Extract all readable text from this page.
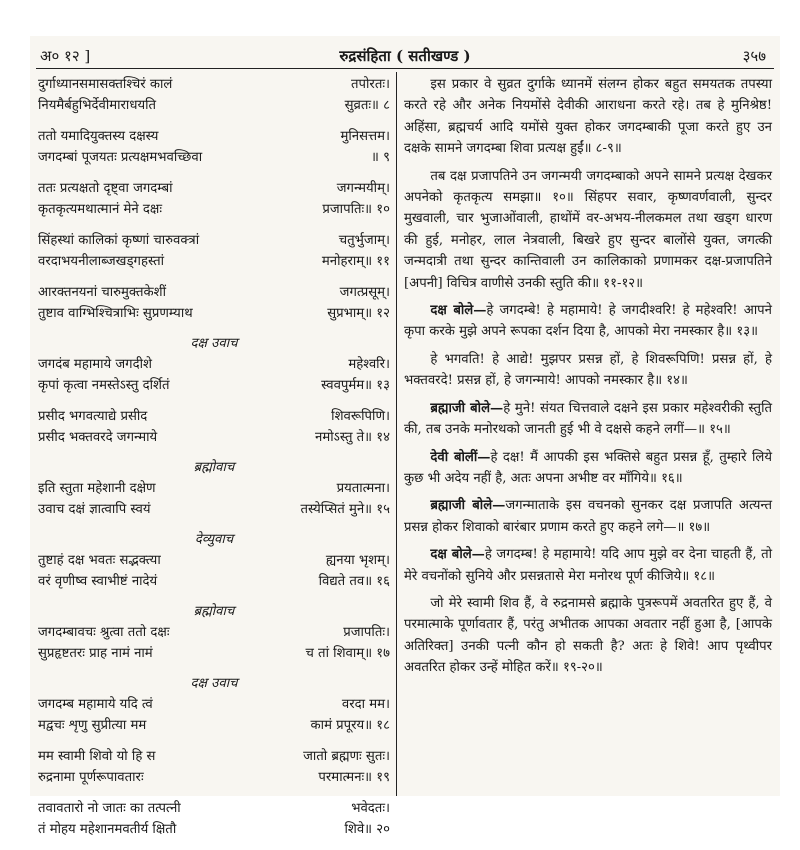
अ० १२ ]	रुद्रसंहिता ( सतीखण्ड )	३५७
दुर्गाध्यानसमासक्तश्चिरं कालं	तपोरतः।
नियमैर्बहुभिर्देवीमाराधयति	सुव्रतः॥ ८
ततो यमादियुक्तस्य दक्षस्य	मुनिसत्तम।
जगदम्बां पूजयतः प्रत्यक्षमभवच्छिवा	॥ ९
ततः प्रत्यक्षतो दृष्ट्वा जगदम्बां	जगन्मयीम्।
कृतकृत्यमथात्मानं मेने दक्षः	प्रजापतिः॥ १०
सिंहस्थां कालिकां कृष्णां चारुवक्त्रां	चतुर्भुजाम्।
वरदाभयनीलाब्जखड्गहस्तां	मनोहराम्॥ ११
आरक्तनयनां चारुमुक्तकेशीं	जगत्प्रसूम्।
तुष्टाव वाग्भिश्चित्राभिः सुप्रणम्याथ	सुप्रभाम्॥ १२
दक्ष उवाच
जगदंब महामाये जगदीशे	महेश्वरि।
कृपां कृत्वा नमस्तेऽस्तु दर्शितं	स्ववपुर्मम॥ १३
प्रसीद भगवत्याद्ये प्रसीद	शिवरूपिणि।
प्रसीद भक्तवरदे जगन्माये	नमोऽस्तु ते॥ १४
ब्रह्मोवाच
इति स्तुता महेशानी दक्षेण	प्रयतात्मना।
उवाच दक्षं ज्ञात्वापि स्वयं	तस्येप्सितं मुने॥ १५
देव्युवाच
तुष्टाहं दक्ष भवतः सद्भक्त्या	ह्यनया भृशम्।
वरं वृणीष्व स्वाभीष्टं नादेयं	विद्यते तव॥ १६
ब्रह्मोवाच
जगदम्बावचः श्रुत्वा ततो दक्षः	प्रजापतिः।
सुप्रहृष्टतरः प्राह नामं नामं	च तां शिवाम्॥ १७
दक्ष उवाच
जगदम्ब महामाये यदि त्वं	वरदा मम।
मद्वचः शृणु सुप्रीत्या मम	कामं प्रपूरय॥ १८
मम स्वामी शिवो यो हि स	जातो ब्रह्मणः सुतः।
रुद्रनामा पूर्णरूपावतारः	परमात्मनः॥ १९
तवावतारो नो जातः का तत्पत्नी	भवेदतः।
तं मोहय महेशानमवतीर्य क्षितौ	शिवे॥ २०

इस प्रकार वे सुव्रत दुर्गाके ध्यानमें संलग्न होकर बहुत समयतक तपस्या करते रहे और अनेक नियमोंसे देवीकी आराधना करते रहे। तब हे मुनिश्रेष्ठ! अहिंसा, ब्रह्मचर्य आदि यमोंसे युक्त होकर जगदम्बाकी पूजा करते हुए उन दक्षके सामने जगदम्बा शिवा प्रत्यक्ष हुईं॥ ८-९॥

तब दक्ष प्रजापतिने उन जगन्मयी जगदम्बाको अपने सामने प्रत्यक्ष देखकर अपनेको कृतकृत्य समझा॥ १०॥ सिंहपर सवार, कृष्णवर्णवाली, सुन्दर मुखवाली, चार भुजाओंवाली, हाथोंमें वर-अभय-नीलकमल तथा खड्ग धारण की हुई, मनोहर, लाल नेत्रवाली, बिखरे हुए सुन्दर बालोंसे युक्त, जगत्की जन्मदात्री तथा सुन्दर कान्तिवाली उन कालिकाको प्रणामकर दक्ष-प्रजापतिने [अपनी] विचित्र वाणीसे उनकी स्तुति की॥ ११-१२॥

दक्ष बोले—हे जगदम्बे! हे महामाये! हे जगदीश्वरि! हे महेश्वरि! आपने कृपा करके मुझे अपने रूपका दर्शन दिया है, आपको मेरा नमस्कार है॥ १३॥

हे भगवति! हे आद्ये! मुझपर प्रसन्न हों, हे शिवरूपिणि! प्रसन्न हों, हे भक्तवरदे! प्रसन्न हों, हे जगन्माये! आपको नमस्कार है॥ १४॥

ब्रह्माजी बोले—हे मुने! संयत चित्तवाले दक्षने इस प्रकार महेश्वरीकी स्तुति की, तब उनके मनोरथको जानती हुई भी वे दक्षसे कहने लगीं—॥ १५॥

देवी बोलीं—हे दक्ष! मैं आपकी इस भक्तिसे बहुत प्रसन्न हूँ, तुम्हारे लिये कुछ भी अदेय नहीं है, अतः अपना अभीष्ट वर माँगिये॥ १६॥

ब्रह्माजी बोले—जगन्माताके इस वचनको सुनकर दक्ष प्रजापति अत्यन्त प्रसन्न होकर शिवाको बारंबार प्रणाम करते हुए कहने लगे—॥ १७॥

दक्ष बोले—हे जगदम्ब! हे महामाये! यदि आप मुझे वर देना चाहती हैं, तो मेरे वचनोंको सुनिये और प्रसन्नतासे मेरा मनोरथ पूर्ण कीजिये॥ १८॥

जो मेरे स्वामी शिव हैं, वे रुद्रनामसे ब्रह्माके पुत्ररूपमें अवतरित हुए हैं, वे परमात्माके पूर्णावतार हैं, परंतु अभीतक आपका अवतार नहीं हुआ है, [आपके अतिरिक्त] उनकी पत्नी कौन हो सकती है? अतः हे शिवे! आप पृथ्वीपर अवतरित होकर उन्हें मोहित करें॥ १९-२०॥
